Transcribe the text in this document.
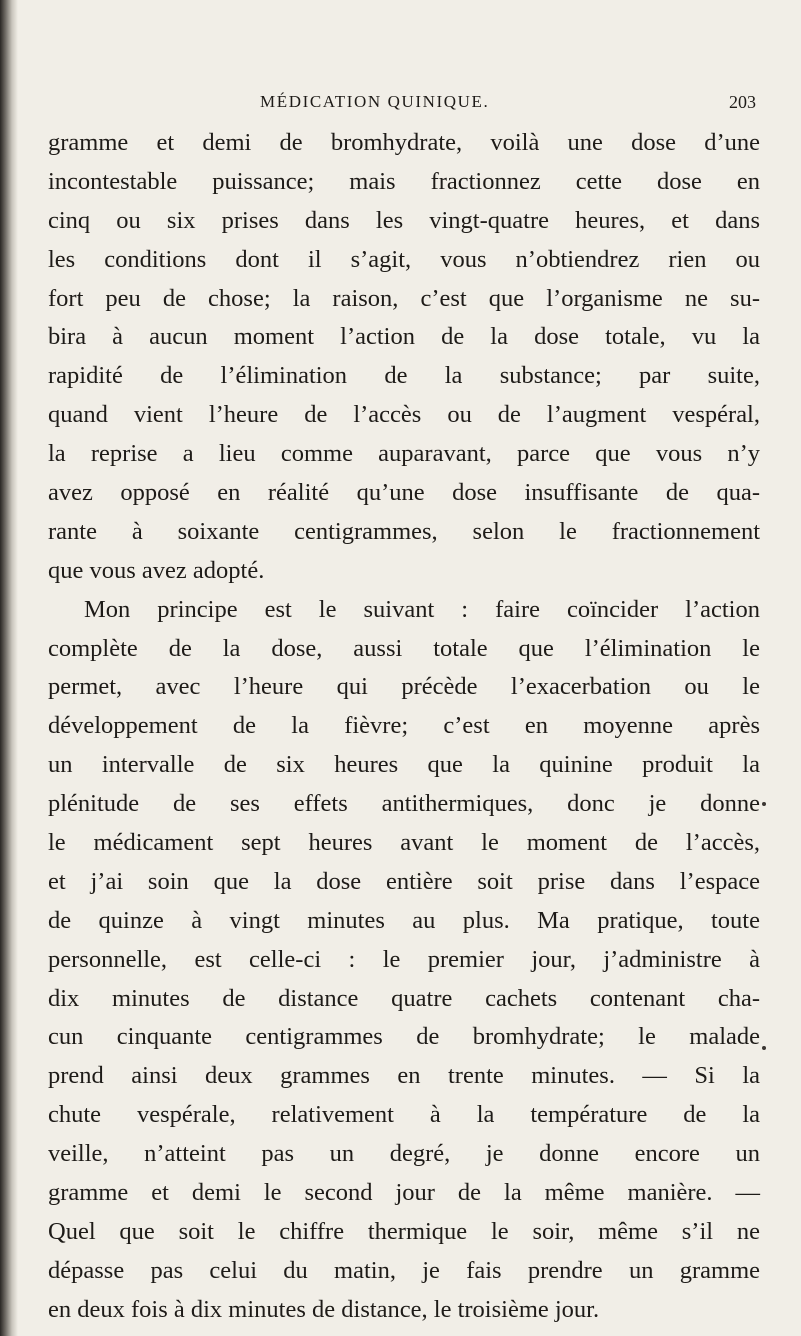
MÉDICATION QUINIQUE.	203
gramme et demi de bromhydrate, voilà une dose d’une
incontestable puissance; mais fractionnez cette dose en
cinq ou six prises dans les vingt-quatre heures, et dans
les conditions dont il s’agit, vous n’obtiendrez rien ou
fort peu de chose; la raison, c’est que l’organisme ne su-
bira à aucun moment l’action de la dose totale, vu la
rapidité de l’élimination de la substance; par suite,
quand vient l’heure de l’accès ou de l’augment vespéral,
la reprise a lieu comme auparavant, parce que vous n’y
avez opposé en réalité qu’une dose insuffisante de qua-
rante à soixante centigrammes, selon le fractionnement
que vous avez adopté.
Mon principe est le suivant : faire coïncider l’action
complète de la dose, aussi totale que l’élimination le
permet, avec l’heure qui précède l’exacerbation ou le
développement de la fièvre; c’est en moyenne après
un intervalle de six heures que la quinine produit la
plénitude de ses effets antithermiques, donc je donne
le médicament sept heures avant le moment de l’accès,
et j’ai soin que la dose entière soit prise dans l’espace
de quinze à vingt minutes au plus. Ma pratique, toute
personnelle, est celle-ci : le premier jour, j’administre à
dix minutes de distance quatre cachets contenant cha-
cun cinquante centigrammes de bromhydrate; le malade
prend ainsi deux grammes en trente minutes. — Si la
chute vespérale, relativement à la température de la
veille, n’atteint pas un degré, je donne encore un
gramme et demi le second jour de la même manière. —
Quel que soit le chiffre thermique le soir, même s’il ne
dépasse pas celui du matin, je fais prendre un gramme
en deux fois à dix minutes de distance, le troisième jour.
